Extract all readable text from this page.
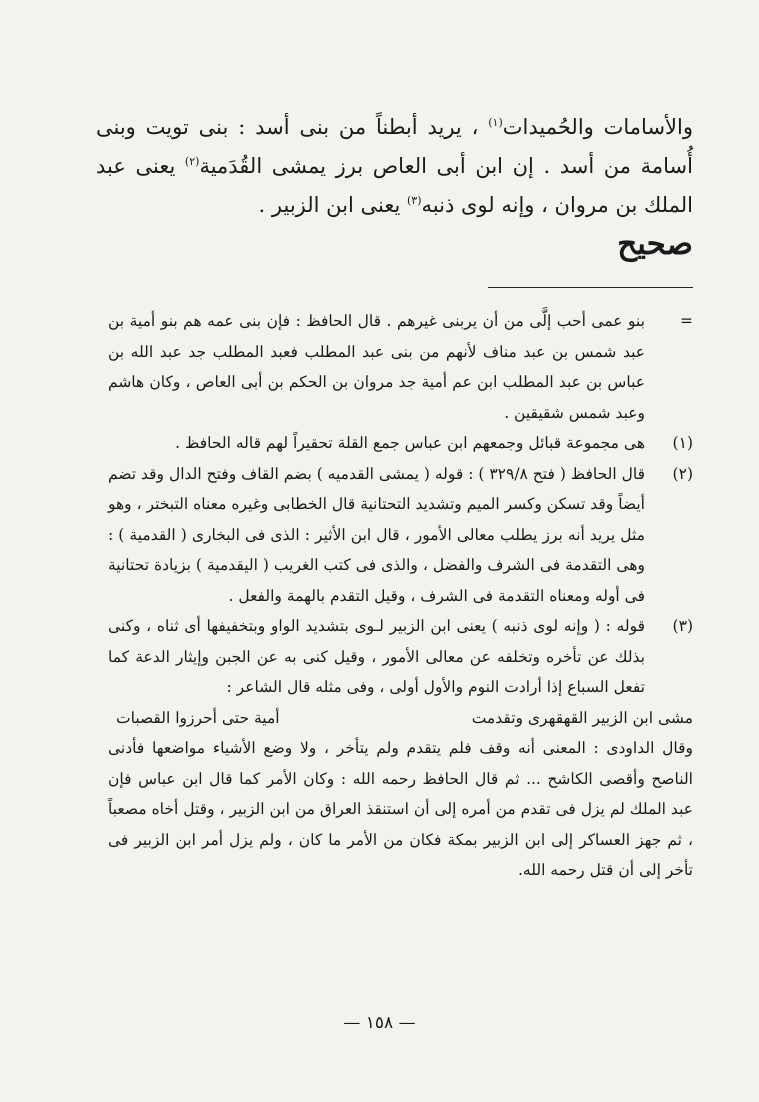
والأسامات والحُميدات$^{(١)}$ ، يريد أبطناً من بنى أسد : بنى تويت وبنى أُسامة من أسد . إن ابن أبى العاص برز يمشى القُدَمية$^{(٢)}$ يعنى عبد الملك بن مروان ، وإنه لوى ذنبه$^{(٣)}$ يعنى ابن الزبير .

صحيح
=
بنو عمى أحب إلَّى من أن يربنى غيرهم . قال الحافظ : فإن بنى عمه هم بنو أمية بن عبد شمس بن عبد مناف لأنهم من بنى عبد المطلب فعبد المطلب جد عبد الله بن عباس بن عبد المطلب ابن عم أمية جد مروان بن الحكم بن أبى العاص ، وكان هاشم وعبد شمس شقيقين .
(١)
هى مجموعة قبائل وجمعهم ابن عباس جمع القلة تحقيراً لهم قاله الحافظ .
(٢)
قال الحافظ ( فتح ٣٢٩/٨ ) : قوله ( يمشى القدميه ) بضم القاف وفتح الدال وقد تضم أيضاً وقد تسكن وكسر الميم وتشديد التحتانية قال الخطابى وغيره معناه التبختر ، وهو مثل يريد أنه برز يطلب معالى الأمور ، قال ابن الأثير : الذى فى البخارى ( القدمية ) : وهى التقدمة فى الشرف والفضل ، والذى فى كتب الغريب ( اليقدمية ) بزيادة تحتانية فى أوله ومعناه التقدمة فى الشرف ، وقيل التقدم بالهمة والفعل .
(٣)
قوله : ( وإنه لوى ذنبه ) يعنى ابن الزبير لـوى بتشديد الواو وبتخفيفها أى ثناه ، وكنى بذلك عن تأخره وتخلفه عن معالى الأمور ، وقيل كنى به عن الجبن وإيثار الدعة كما تفعل السباع إذا أرادت النوم والأول أولى ، وفى مثله قال الشاعر :
مشى ابن الزبير القهقهرى وتقدمت
أمية حتى أحرزوا القصبات

وقال الداودى : المعنى أنه وقف فلم يتقدم ولم يتأخر ، ولا وضع الأشياء مواضعها فأدنى الناصح وأقصى الكاشح ... ثم قال الحافظ رحمه الله : وكان الأمر كما قال ابن عباس فإن عبد الملك لم يزل فى تقدم من أمره إلى أن استنقذ العراق من ابن الزبير ، وقتل أخاه مصعباً ، ثم جهز العساكر إلى ابن الزبير بمكة فكان من الأمر ما كان ، ولم يزل أمر ابن الزبير فى تأخر إلى أن قتل رحمه الله.

— ١٥٨ —
